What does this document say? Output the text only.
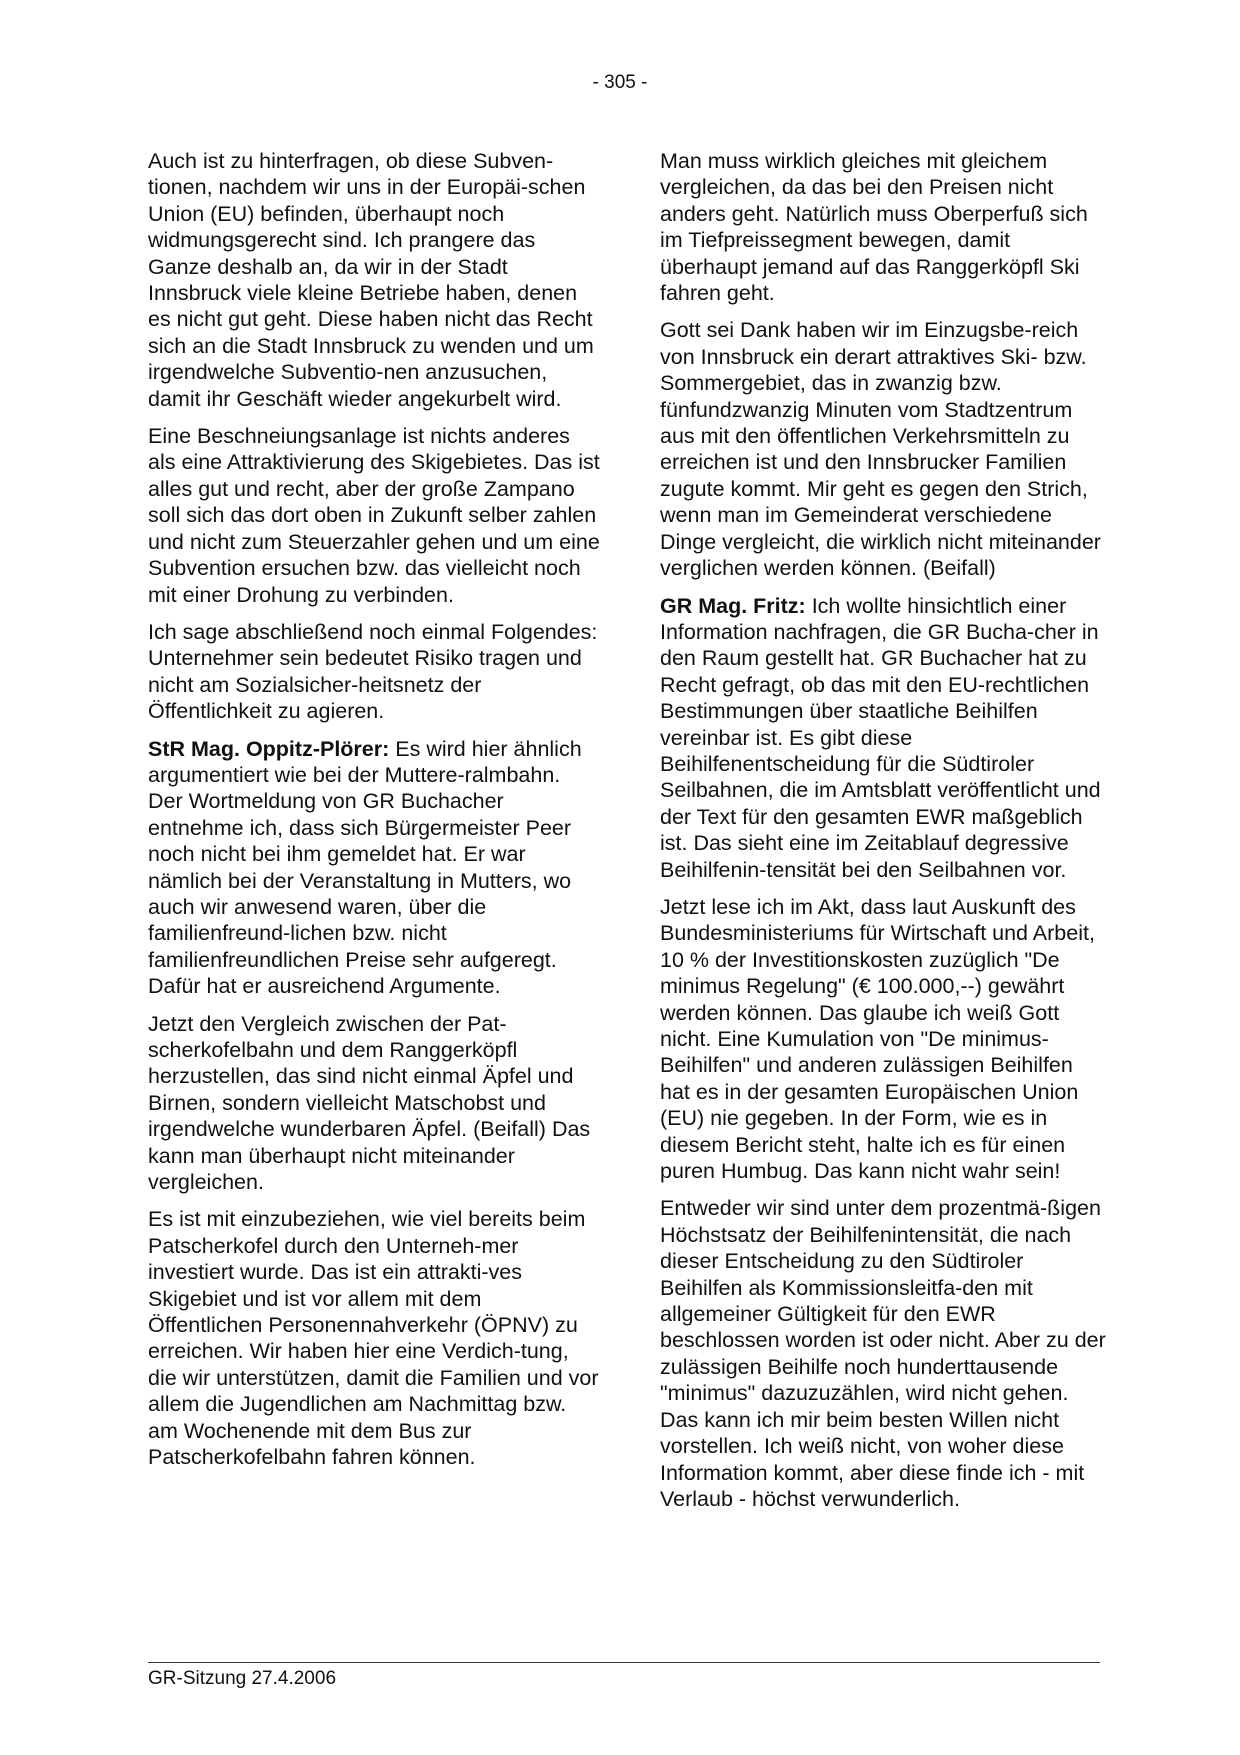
- 305 -

Auch ist zu hinterfragen, ob diese Subven-tionen, nachdem wir uns in der Europäi-schen Union (EU) befinden, überhaupt noch widmungsgerecht sind. Ich prangere das Ganze deshalb an, da wir in der Stadt Innsbruck viele kleine Betriebe haben, denen es nicht gut geht. Diese haben nicht das Recht sich an die Stadt Innsbruck zu wenden und um irgendwelche Subventio-nen anzusuchen, damit ihr Geschäft wieder angekurbelt wird.

Eine Beschneiungsanlage ist nichts anderes als eine Attraktivierung des Skigebietes. Das ist alles gut und recht, aber der große Zampano soll sich das dort oben in Zukunft selber zahlen und nicht zum Steuerzahler gehen und um eine Subvention ersuchen bzw. das vielleicht noch mit einer Drohung zu verbinden.

Ich sage abschließend noch einmal Folgendes: Unternehmer sein bedeutet Risiko tragen und nicht am Sozialsicher-heitsnetz der Öffentlichkeit zu agieren.

StR Mag. Oppitz-Plörer: Es wird hier ähnlich argumentiert wie bei der Muttere-ralmbahn. Der Wortmeldung von GR Buchacher entnehme ich, dass sich Bürgermeister Peer noch nicht bei ihm gemeldet hat. Er war nämlich bei der Veranstaltung in Mutters, wo auch wir anwesend waren, über die familienfreund-lichen bzw. nicht familienfreundlichen Preise sehr aufgeregt. Dafür hat er ausreichend Argumente.

Jetzt den Vergleich zwischen der Pat-scherkofelbahn und dem Ranggerköpfl herzustellen, das sind nicht einmal Äpfel und Birnen, sondern vielleicht Matschobst und irgendwelche wunderbaren Äpfel. (Beifall) Das kann man überhaupt nicht miteinander vergleichen.

Es ist mit einzubeziehen, wie viel bereits beim Patscherkofel durch den Unterneh-mer investiert wurde. Das ist ein attrakti-ves Skigebiet und ist vor allem mit dem Öffentlichen Personennahverkehr (ÖPNV) zu erreichen. Wir haben hier eine Verdich-tung, die wir unterstützen, damit die Familien und vor allem die Jugendlichen am Nachmittag bzw. am Wochenende mit dem Bus zur Patscherkofelbahn fahren können.

Man muss wirklich gleiches mit gleichem vergleichen, da das bei den Preisen nicht anders geht. Natürlich muss Oberperfuß sich im Tiefpreissegment bewegen, damit überhaupt jemand auf das Ranggerköpfl Ski fahren geht.

Gott sei Dank haben wir im Einzugsbe-reich von Innsbruck ein derart attraktives Ski- bzw. Sommergebiet, das in zwanzig bzw. fünfundzwanzig Minuten vom Stadtzentrum aus mit den öffentlichen Verkehrsmitteln zu erreichen ist und den Innsbrucker Familien zugute kommt. Mir geht es gegen den Strich, wenn man im Gemeinderat verschiedene Dinge vergleicht, die wirklich nicht miteinander verglichen werden können. (Beifall)

GR Mag. Fritz: Ich wollte hinsichtlich einer Information nachfragen, die GR Bucha-cher in den Raum gestellt hat. GR Buchacher hat zu Recht gefragt, ob das mit den EU-rechtlichen Bestimmungen über staatliche Beihilfen vereinbar ist. Es gibt diese Beihilfenentscheidung für die Südtiroler Seilbahnen, die im Amtsblatt veröffentlicht und der Text für den gesamten EWR maßgeblich ist. Das sieht eine im Zeitablauf degressive Beihilfenin-tensität bei den Seilbahnen vor.

Jetzt lese ich im Akt, dass laut Auskunft des Bundesministeriums für Wirtschaft und Arbeit, 10 % der Investitionskosten zuzüglich "De minimus Regelung" (€ 100.000,--) gewährt werden können. Das glaube ich weiß Gott nicht. Eine Kumulation von "De minimus-Beihilfen" und anderen zulässigen Beihilfen hat es in der gesamten Europäischen Union (EU) nie gegeben. In der Form, wie es in diesem Bericht steht, halte ich es für einen puren Humbug. Das kann nicht wahr sein!

Entweder wir sind unter dem prozentmä-ßigen Höchstsatz der Beihilfenintensität, die nach dieser Entscheidung zu den Südtiroler Beihilfen als Kommissionsleitfa-den mit allgemeiner Gültigkeit für den EWR beschlossen worden ist oder nicht. Aber zu der zulässigen Beihilfe noch hunderttausende "minimus" dazuzuzählen, wird nicht gehen. Das kann ich mir beim besten Willen nicht vorstellen. Ich weiß nicht, von woher diese Information kommt, aber diese finde ich - mit Verlaub - höchst verwunderlich.

GR-Sitzung 27.4.2006
